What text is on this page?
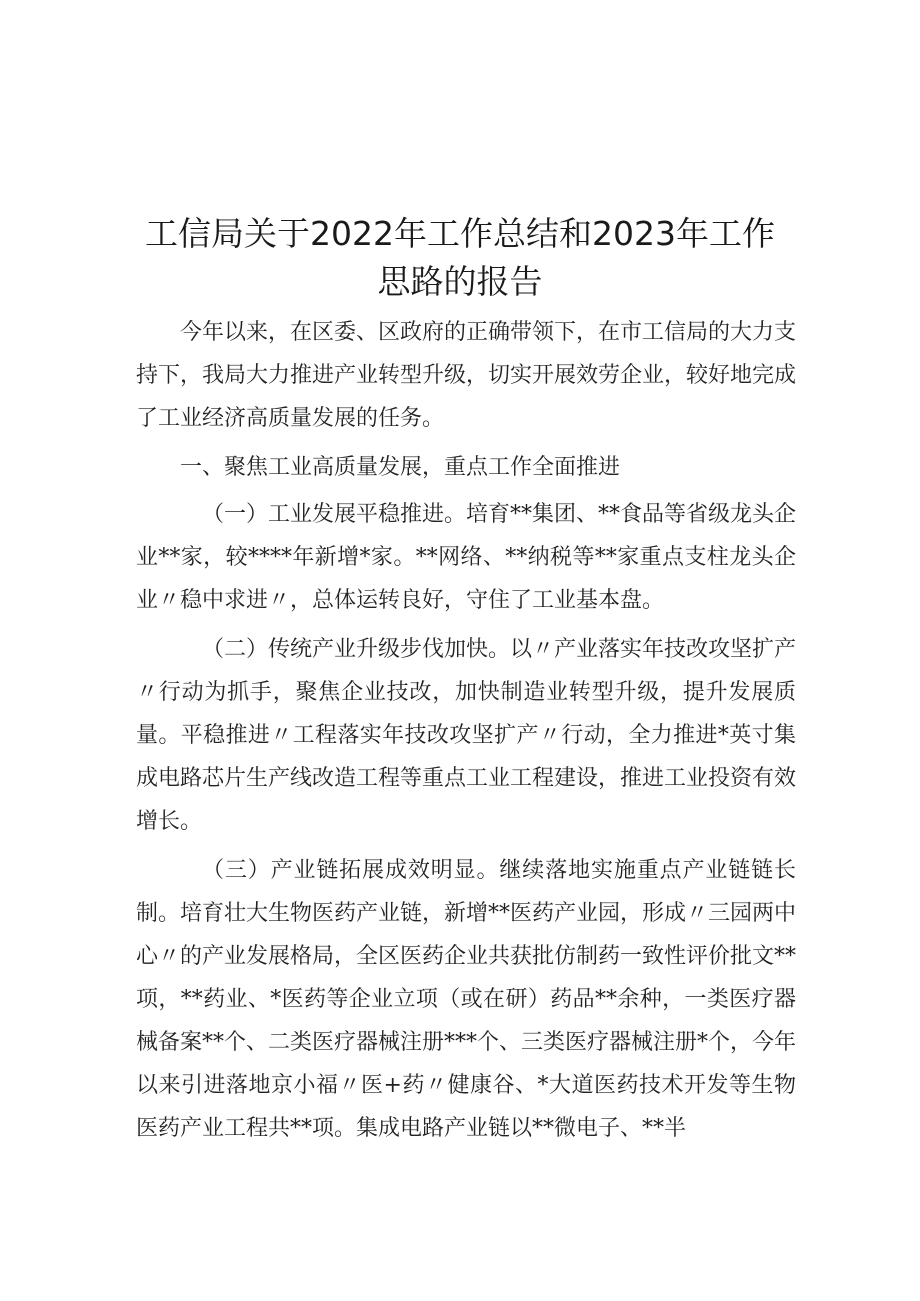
工信局关于2022年工作总结和2023年工作
思路的报告

今年以来，在区委、区政府的正确带领下，在市工信局的大力支持下，我局大力推进产业转型升级，切实开展效劳企业，较好地完成了工业经济高质量发展的任务。

一、聚焦工业高质量发展，重点工作全面推进

（一）工业发展平稳推进。培育**集团、**食品等省级龙头企业**家，较****年新增*家。**网络、**纳税等**家重点支柱龙头企业〃稳中求进〃，总体运转良好，守住了工业基本盘。

（二）传统产业升级步伐加快。以〃产业落实年技改攻坚扩产〃行动为抓手，聚焦企业技改，加快制造业转型升级，提升发展质量。平稳推进〃工程落实年技改攻坚扩产〃行动，全力推进*英寸集成电路芯片生产线改造工程等重点工业工程建设，推进工业投资有效增长。

（三）产业链拓展成效明显。继续落地实施重点产业链链长制。培育壮大生物医药产业链，新增**医药产业园，形成〃三园两中心〃的产业发展格局，全区医药企业共获批仿制药一致性评价批文**项，**药业、*医药等企业立项（或在研）药品**余种，一类医疗器械备案**个、二类医疗器械注册***个、三类医疗器械注册*个，今年以来引进落地京小福〃医+药〃健康谷、*大道医药技术开发等生物医药产业工程共**项。集成电路产业链以**微电子、**半
